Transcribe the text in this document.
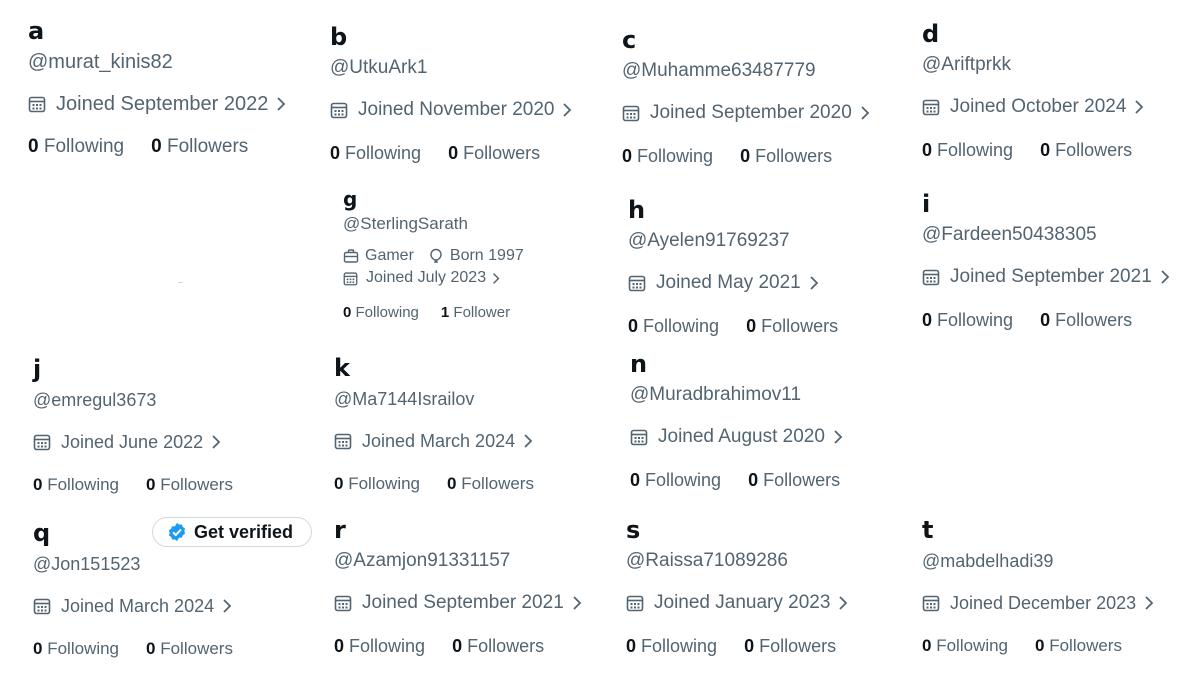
a
@murat_kinis82
Joined September 2022
0 Following 0 Followers
b
@UtkuArk1
Joined November 2020
0 Following 0 Followers
c
@Muhamme63487779
Joined September 2020
0 Following 0 Followers
d
@Ariftprkk
Joined October 2024
0 Following 0 Followers
g
@SterlingSarath
Gamer Born 1997
Joined July 2023
0 Following 1 Follower
h
@Ayelen91769237
Joined May 2021
0 Following 0 Followers
i
@Fardeen50438305
Joined September 2021
0 Following 0 Followers
j
@emregul3673
Joined June 2022
0 Following 0 Followers
k
@Ma7144Israilov
Joined March 2024
0 Following 0 Followers
n
@Muradbrahimov11
Joined August 2020
0 Following 0 Followers
q
@Jon151523
Joined March 2024
0 Following 0 Followers
Get verified r
@Azamjon91331157
Joined September 2021
0 Following 0 Followers
s
@Raissa71089286
Joined January 2023
0 Following 0 Followers
t
@mabdelhadi39
Joined December 2023
0 Following 0 Followers
